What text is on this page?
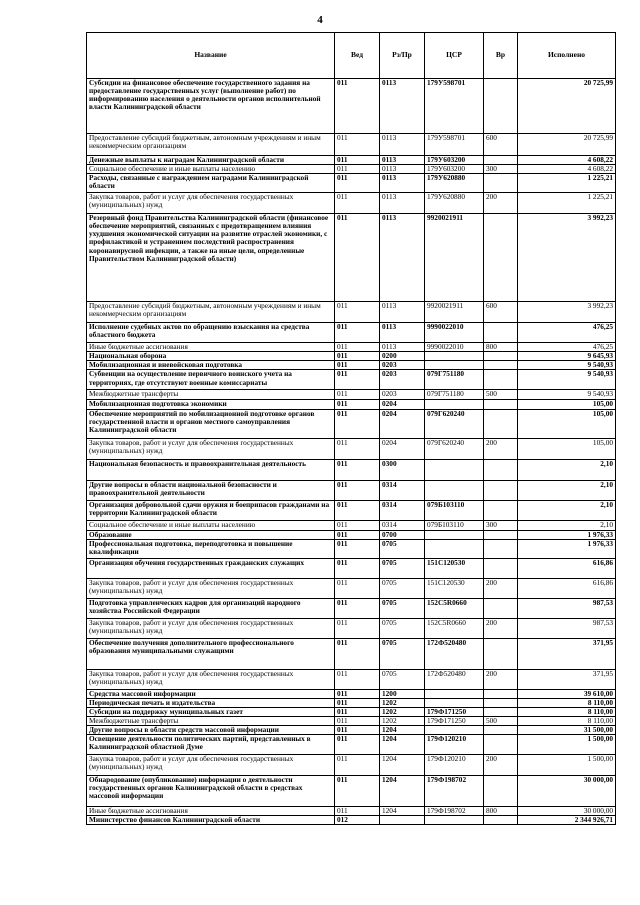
4
Название	Вед	Рз/Пр	ЦСР	Вр	Исполнено
Субсидии на финансовое обеспечение государственного задания на предоставление государственных услуг (выполнение работ) по информированию населения о деятельности органов исполнительной власти Калининградской области	011	0113	179У598701		20 725,99
Предоставление субсидий бюджетным, автономным учреждениям и иным некоммерческим организациям	011	0113	179У598701	600	20 725,99
Денежные выплаты к наградам Калининградской области	011	0113	179У603200		4 608,22
Социальное обеспечение и иные выплаты населению	011	0113	179У603200	300	4 608,22
Расходы, связанные с награждением наградами Калининградской области	011	0113	179У620880		1 225,21
Закупка товаров, работ и услуг для обеспечения государственных (муниципальных) нужд	011	0113	179У620880	200	1 225,21
Резервный фонд Правительства Калининградской области (финансовое обеспечение мероприятий, связанных с предотвращением влияния ухудшения экономической ситуации на развитие отраслей экономики, с профилактикой и устранением последствий распространения коронавирусной инфекции, а также на иные цели, определенные Правительством Калининградской области)	011	0113	9920021911		3 992,23
Предоставление субсидий бюджетным, автономным учреждениям и иным некоммерческим организациям	011	0113	9920021911	600	3 992,23
Исполнение судебных актов по обращению взыскания на средства областного бюджета	011	0113	9990022010		476,25
Иные бюджетные ассигнования	011	0113	9990022010	800	476,25
Национальная оборона	011	0200			9 645,93
Мобилизационная и вневойсковая подготовка	011	0203			9 540,93
Субвенции на осуществление первичного воинского учета на территориях, где отсутствуют военные комиссариаты	011	0203	079Г751180		9 540,93
Межбюджетные трансферты	011	0203	079Г751180	500	9 540,93
Мобилизационная подготовка экономики	011	0204			105,00
Обеспечение мероприятий по мобилизационной подготовке органов государственной власти и органов местного самоуправления Калининградской области	011	0204	079Г620240		105,00
Закупка товаров, работ и услуг для обеспечения государственных (муниципальных) нужд	011	0204	079Г620240	200	105,00
Национальная безопасность и правоохранительная деятельность	011	0300			2,10
Другие вопросы в области национальной безопасности и правоохранительной деятельности	011	0314			2,10
Организация добровольной сдачи оружия и боеприпасов гражданами на территории Калининградской области	011	0314	079Б103110		2,10
Социальное обеспечение и иные выплаты населению	011	0314	079Б103110	300	2,10
Образование	011	0700			1 976,33
Профессиональная подготовка, переподготовка и повышение квалификации	011	0705			1 976,33
Организация обучения государственных гражданских служащих	011	0705	151С120530		616,86
Закупка товаров, работ и услуг для обеспечения государственных (муниципальных) нужд	011	0705	151С120530	200	616,86
Подготовка управленческих кадров для организаций народного хозяйства Российской Федерации	011	0705	152С5R0660		987,53
Закупка товаров, работ и услуг для обеспечения государственных (муниципальных) нужд	011	0705	152С5R0660	200	987,53
Обеспечение получения дополнительного профессионального образования муниципальными служащими	011	0705	172Ф520480		371,95
Закупка товаров, работ и услуг для обеспечения государственных (муниципальных) нужд	011	0705	172Ф520480	200	371,95
Средства массовой информации	011	1200			39 610,00
Периодическая печать и издательства	011	1202			8 110,00
Субсидии на поддержку муниципальных газет	011	1202	179Ф171250		8 110,00
Межбюджетные трансферты	011	1202	179Ф171250	500	8 110,00
Другие вопросы в области средств массовой информации	011	1204			31 500,00
Освещение деятельности политических партий, представленных в Калининградской областной Думе	011	1204	179Ф120210		1 500,00
Закупка товаров, работ и услуг для обеспечения государственных (муниципальных) нужд	011	1204	179Ф120210	200	1 500,00
Обнародование (опубликование) информации о деятельности государственных органов Калининградской области в средствах массовой информации	011	1204	179Ф198702		30 000,00
Иные бюджетные ассигнования	011	1204	179Ф198702	800	30 000,00
Министерство финансов Калининградской области	012				2 344 926,71
